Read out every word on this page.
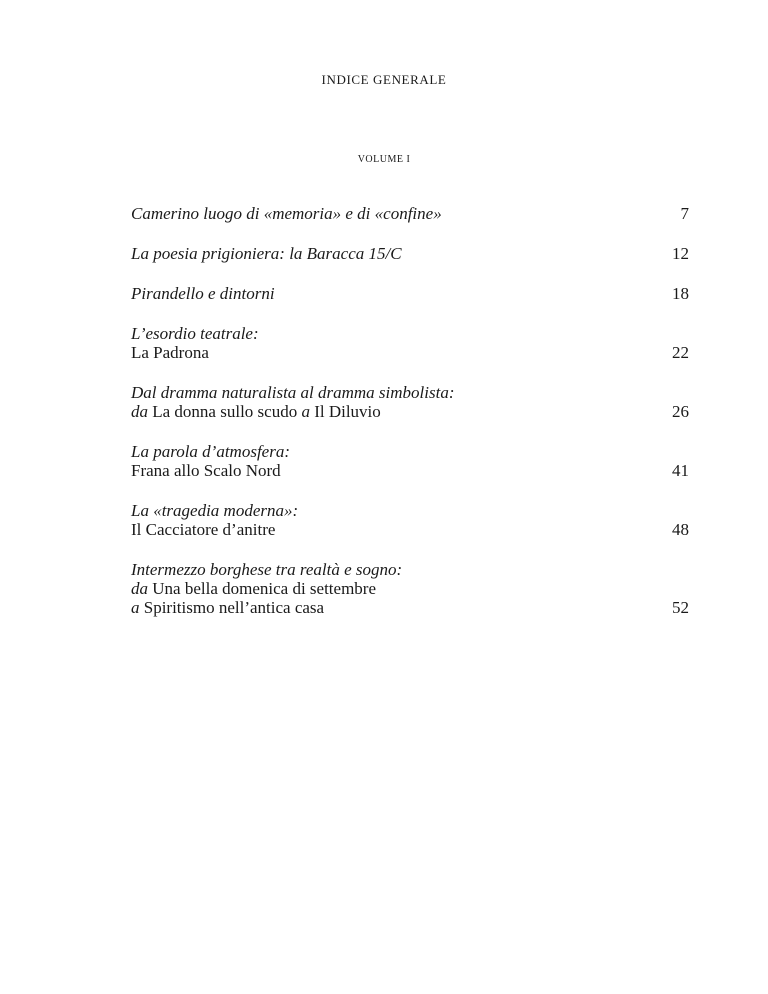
INDICE GENERALE
VOLUME I
Camerino luogo di «memoria» e di «confine»	7
La poesia prigioniera: la Baracca 15/C	12
Pirandello e dintorni	18
L’esordio teatrale:
La Padrona	22
Dal dramma naturalista al dramma simbolista:
da La donna sullo scudo a Il Diluvio	26
La parola d’atmosfera:
Frana allo Scalo Nord	41
La «tragedia moderna»:
Il Cacciatore d’anitre	48
Intermezzo borghese tra realtà e sogno:
da Una bella domenica di settembre
a Spiritismo nell’antica casa	52
